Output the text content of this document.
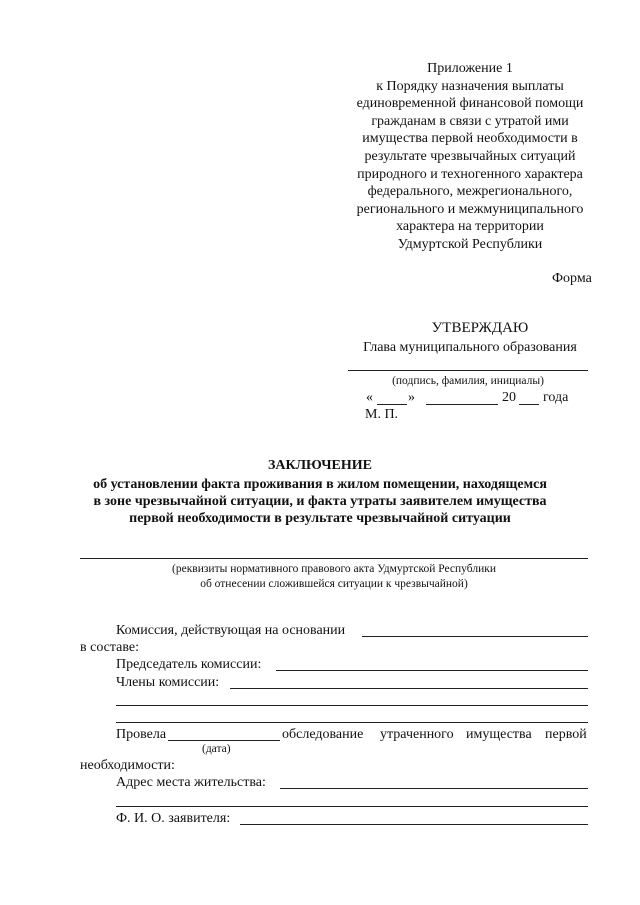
Приложение 1
к Порядку назначения выплаты
единовременной финансовой помощи
гражданам в связи с утратой ими
имущества первой необходимости в
результате чрезвычайных ситуаций
природного и техногенного характера
федерального, межрегионального,
регионального и межмуниципального
характера на территории
Удмуртской Республики
Форма
УТВЕРЖДАЮ
Глава муниципального образования
(подпись, фамилия, инициалы)
«	»	20 года
М. П.
ЗАКЛЮЧЕНИЕ
об установлении факта проживания в жилом помещении, находящемся
в зоне чрезвычайной ситуации, и факта утраты заявителем имущества
первой необходимости в результате чрезвычайной ситуации
(реквизиты нормативного правового акта Удмуртской Республики
об отнесении сложившейся ситуации к чрезвычайной)
Комиссия, действующая на основании
в составе:
Председатель комиссии:
Члены комиссии:
Провела	обследование утраченного имущества первой
(дата)
необходимости:
Адрес места жительства:
Ф. И. О. заявителя:
